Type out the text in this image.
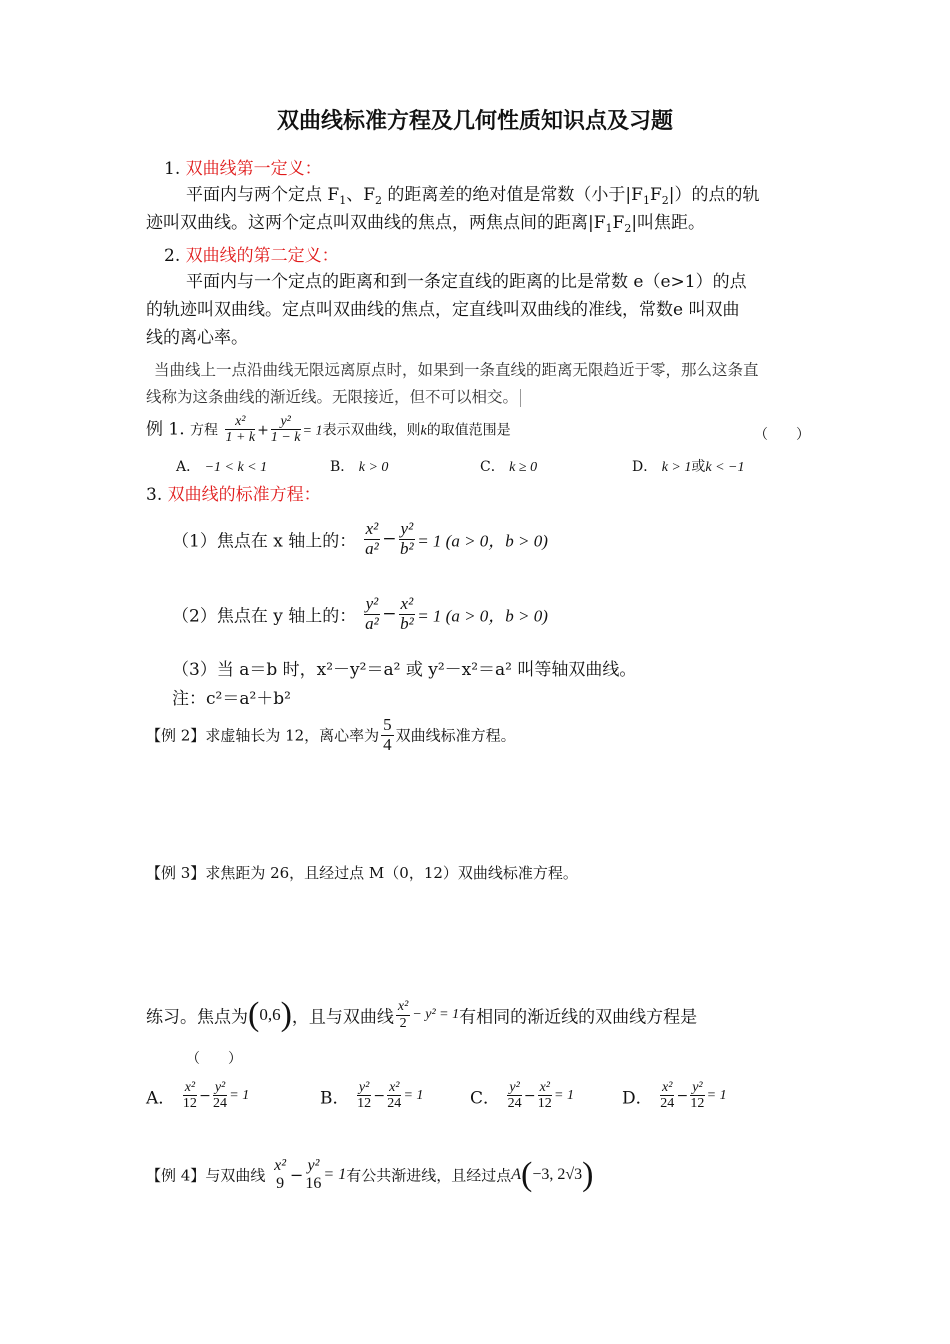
双曲线标准方程及几何性质知识点及习题
1. 双曲线第一定义：
平面内与两个定点 $F_1$、$F_2$ 的距离差的绝对值是常数（小于$|F_1F_2|$）的点的轨
迹叫双曲线。这两个定点叫双曲线的焦点，两焦点间的距离$|F_1F_2|$叫焦距。
2. 双曲线的第二定义：
平面内与一个定点的距离和到一条定直线的距离的比是常数 e（e>1）的点
的轨迹叫双曲线。定点叫双曲线的焦点，定直线叫双曲线的准线，常数e 叫双曲
线的离心率。
当曲线上一点沿曲线无限远离原点时，如果到一条直线的距离无限趋近于零，那么这条直
线称为这条曲线的渐近线。无限接近，但不可以相交。
例 1. 方程 $\frac{\text{x²}}{1 + k} + \frac{\text{y²}}{1 - k} = 1$表示双曲线，则k的取值范围是	（　　）
A． −1 < k < 1	B． k > 0	C． k ≥ 0	D． k > 1或k < −1
3. 双曲线的标准方程：
（1）焦点在 x 轴上的： $\frac{\text{x²}}{\text{a²}} - \frac{\text{y²}}{\text{b²}} = 1$ (a > 0，b > 0)
（2）焦点在 y 轴上的： $\frac{\text{y²}}{\text{a²}} - \frac{\text{x²}}{\text{b²}} = 1$ (a > 0，b > 0)
（3）当 a＝b 时，x²－y²＝a² 或 y²－x²＝a² 叫等轴双曲线。
注：c²＝a²＋b²
【例 2】求虚轴长为 12，离心率为 $\frac{5}{4}$ 双曲线标准方程。
【例 3】求焦距为 26，且经过点 M（0，12）双曲线标准方程。
练习。焦点为(0,6)，且与双曲线 $\frac{\text{x²}}{2} - y^2 = 1$有相同的渐近线的双曲线方程是
（　　）
A． $\frac{\text{x²}}{12} - \frac{\text{y²}}{24} = 1$	B． $\frac{\text{y²}}{12} - \frac{\text{x²}}{24} = 1$	C． $\frac{\text{y²}}{24} - \frac{\text{x²}}{12} = 1$	D． $\frac{\text{x²}}{24} - \frac{\text{y²}}{12} = 1$
【例 4】与双曲线
x²
9 − y²
16
= 1有公共渐进线，且经过点A(−3, 2√3)
